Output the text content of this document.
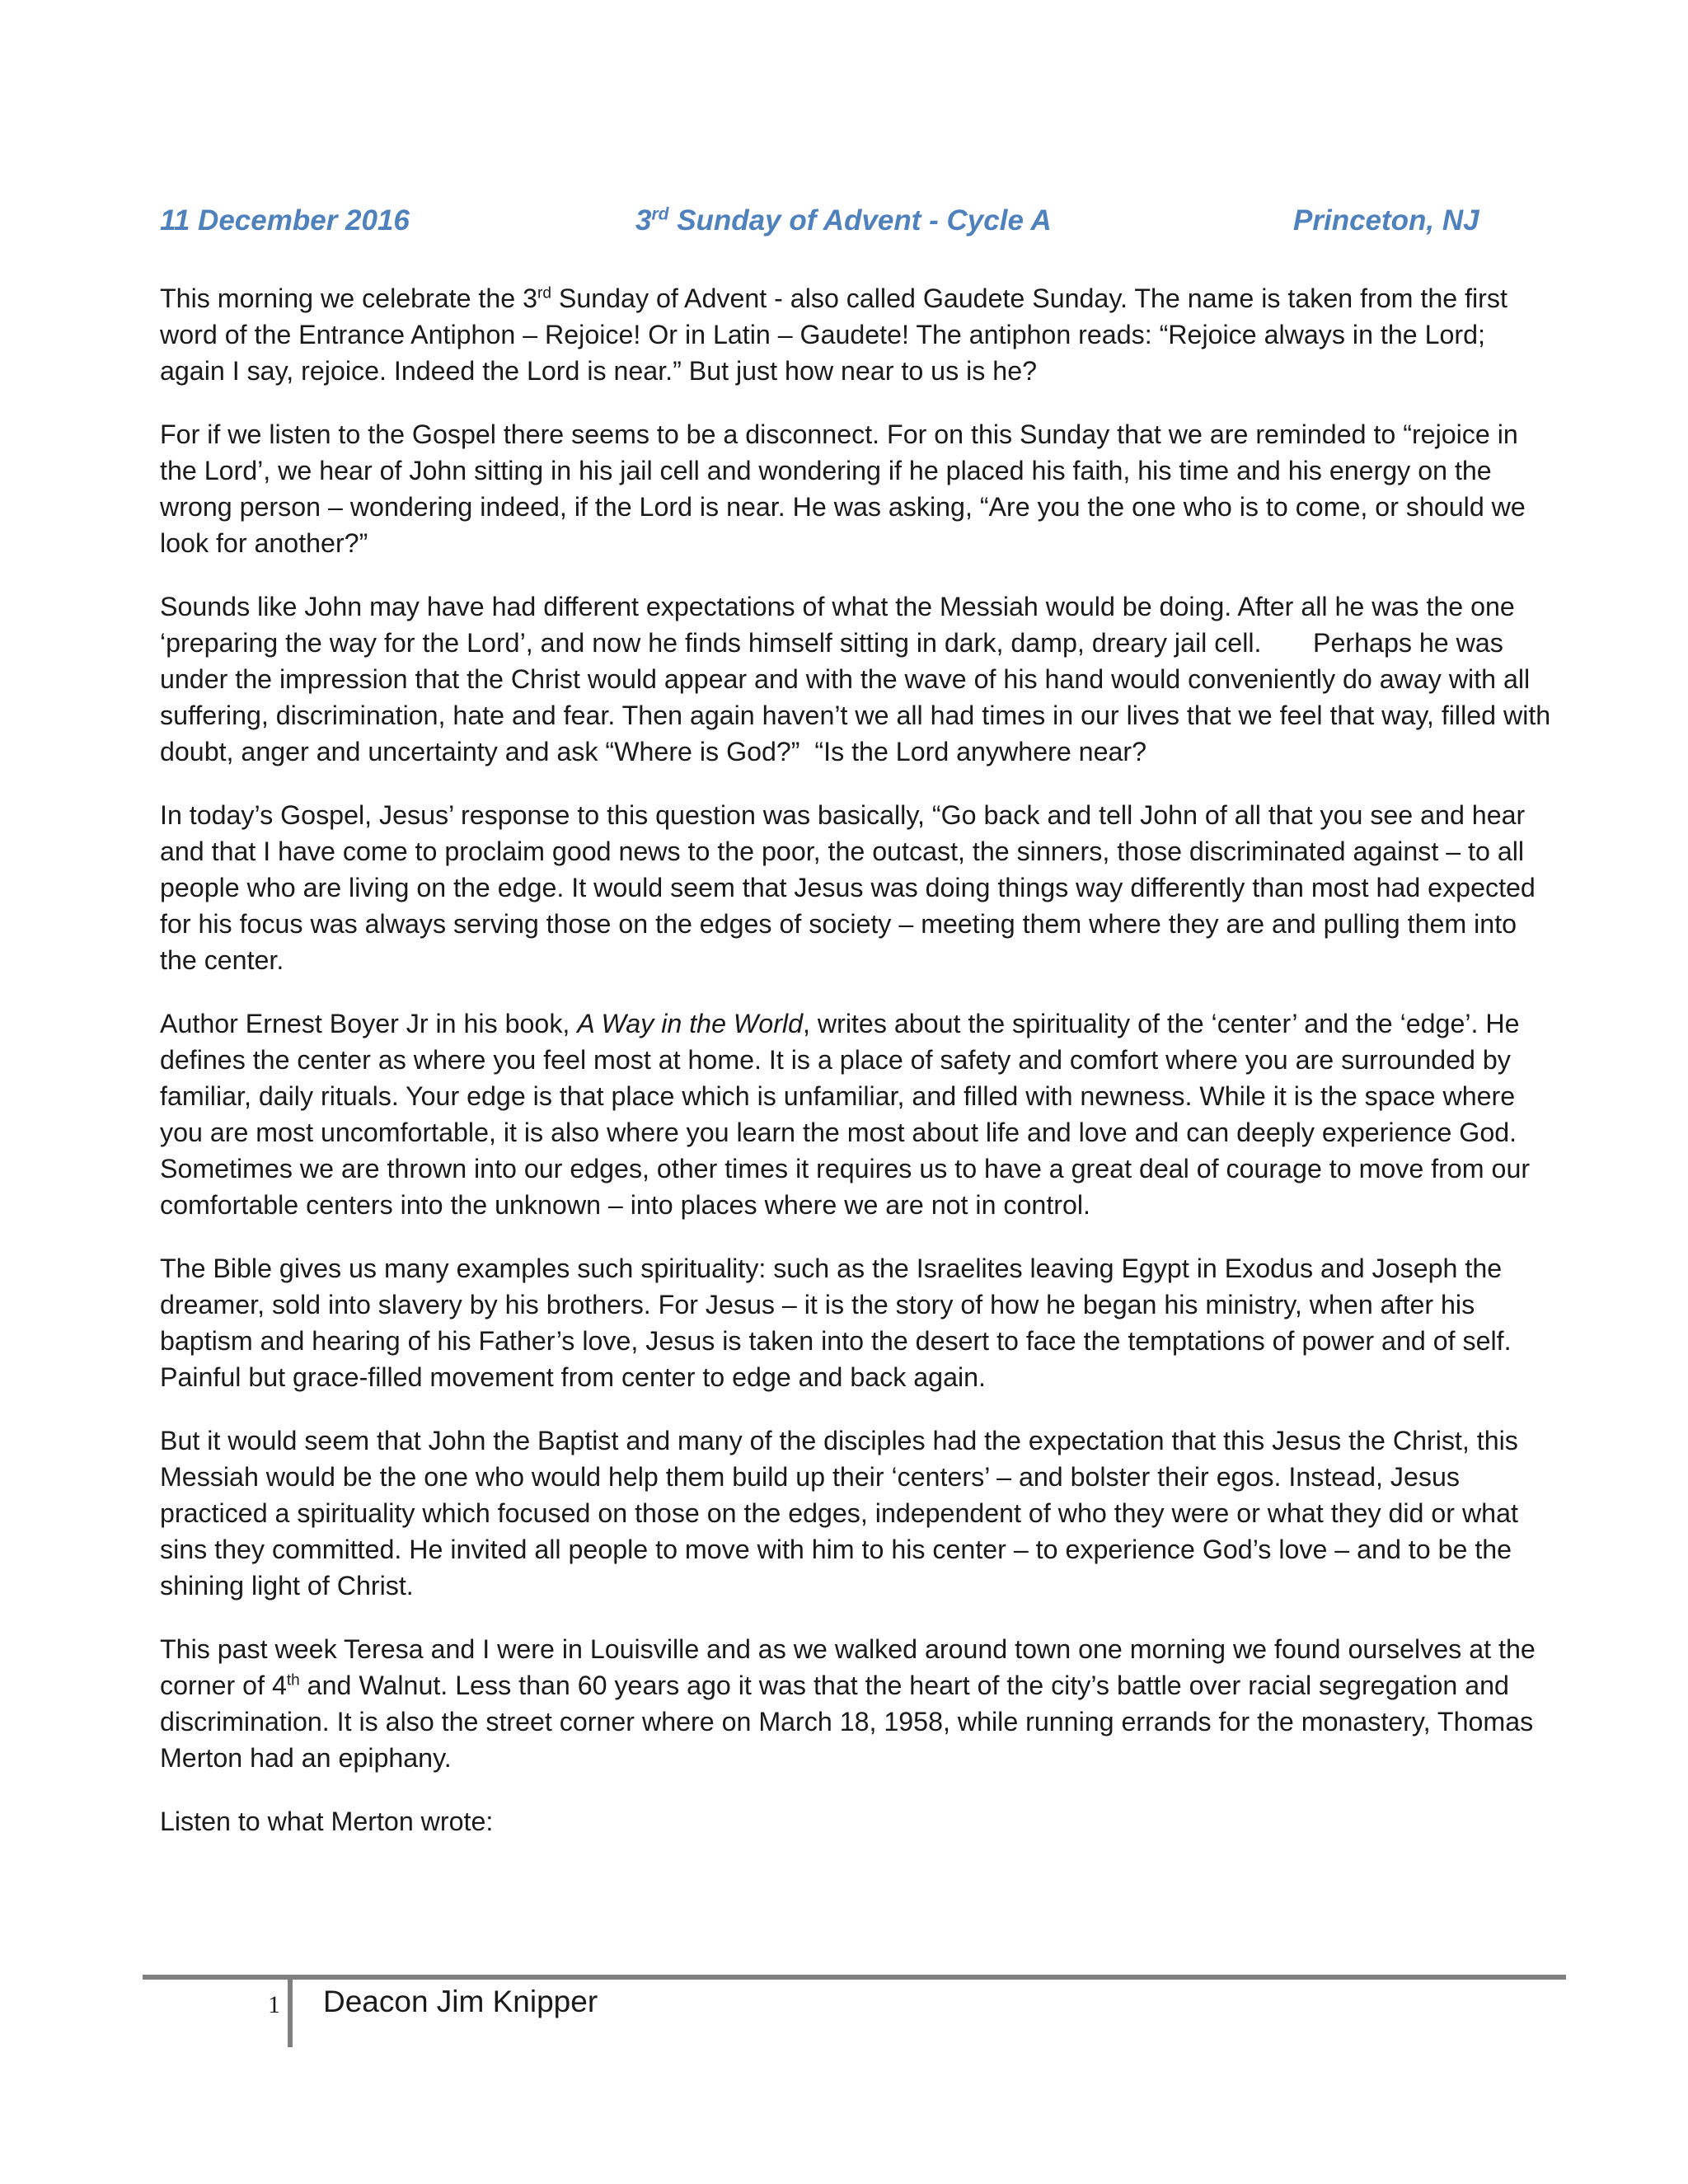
11 December 2016	3rd Sunday of Advent - Cycle A	Princeton, NJ

This morning we celebrate the 3rd Sunday of Advent - also called Gaudete Sunday. The name is taken from the first word of the Entrance Antiphon – Rejoice! Or in Latin – Gaudete! The antiphon reads: “Rejoice always in the Lord; again I say, rejoice. Indeed the Lord is near.” But just how near to us is he?

For if we listen to the Gospel there seems to be a disconnect. For on this Sunday that we are reminded to “rejoice in the Lord’, we hear of John sitting in his jail cell and wondering if he placed his faith, his time and his energy on the wrong person – wondering indeed, if the Lord is near. He was asking, “Are you the one who is to come, or should we look for another?”

Sounds like John may have had different expectations of what the Messiah would be doing. After all he was the one ‘preparing the way for the Lord’, and now he finds himself sitting in dark, damp, dreary jail cell.       Perhaps he was under the impression that the Christ would appear and with the wave of his hand would conveniently do away with all suffering, discrimination, hate and fear. Then again haven’t we all had times in our lives that we feel that way, filled with doubt, anger and uncertainty and ask “Where is God?”  “Is the Lord anywhere near?

In today’s Gospel, Jesus’ response to this question was basically, “Go back and tell John of all that you see and hear and that I have come to proclaim good news to the poor, the outcast, the sinners, those discriminated against – to all people who are living on the edge. It would seem that Jesus was doing things way differently than most had expected for his focus was always serving those on the edges of society – meeting them where they are and pulling them into the center.

Author Ernest Boyer Jr in his book, A Way in the World, writes about the spirituality of the ‘center’ and the ‘edge’. He defines the center as where you feel most at home. It is a place of safety and comfort where you are surrounded by familiar, daily rituals. Your edge is that place which is unfamiliar, and filled with newness. While it is the space where you are most uncomfortable, it is also where you learn the most about life and love and can deeply experience God. Sometimes we are thrown into our edges, other times it requires us to have a great deal of courage to move from our comfortable centers into the unknown – into places where we are not in control.

The Bible gives us many examples such spirituality: such as the Israelites leaving Egypt in Exodus and Joseph the dreamer, sold into slavery by his brothers. For Jesus – it is the story of how he began his ministry, when after his baptism and hearing of his Father’s love, Jesus is taken into the desert to face the temptations of power and of self. Painful but grace-filled movement from center to edge and back again.

But it would seem that John the Baptist and many of the disciples had the expectation that this Jesus the Christ, this Messiah would be the one who would help them build up their ‘centers’ – and bolster their egos. Instead, Jesus practiced a spirituality which focused on those on the edges, independent of who they were or what they did or what sins they committed. He invited all people to move with him to his center – to experience God’s love – and to be the shining light of Christ.

This past week Teresa and I were in Louisville and as we walked around town one morning we found ourselves at the corner of 4th and Walnut. Less than 60 years ago it was that the heart of the city’s battle over racial segregation and discrimination. It is also the street corner where on March 18, 1958, while running errands for the monastery, Thomas Merton had an epiphany.

Listen to what Merton wrote:

1 Deacon Jim Knipper
